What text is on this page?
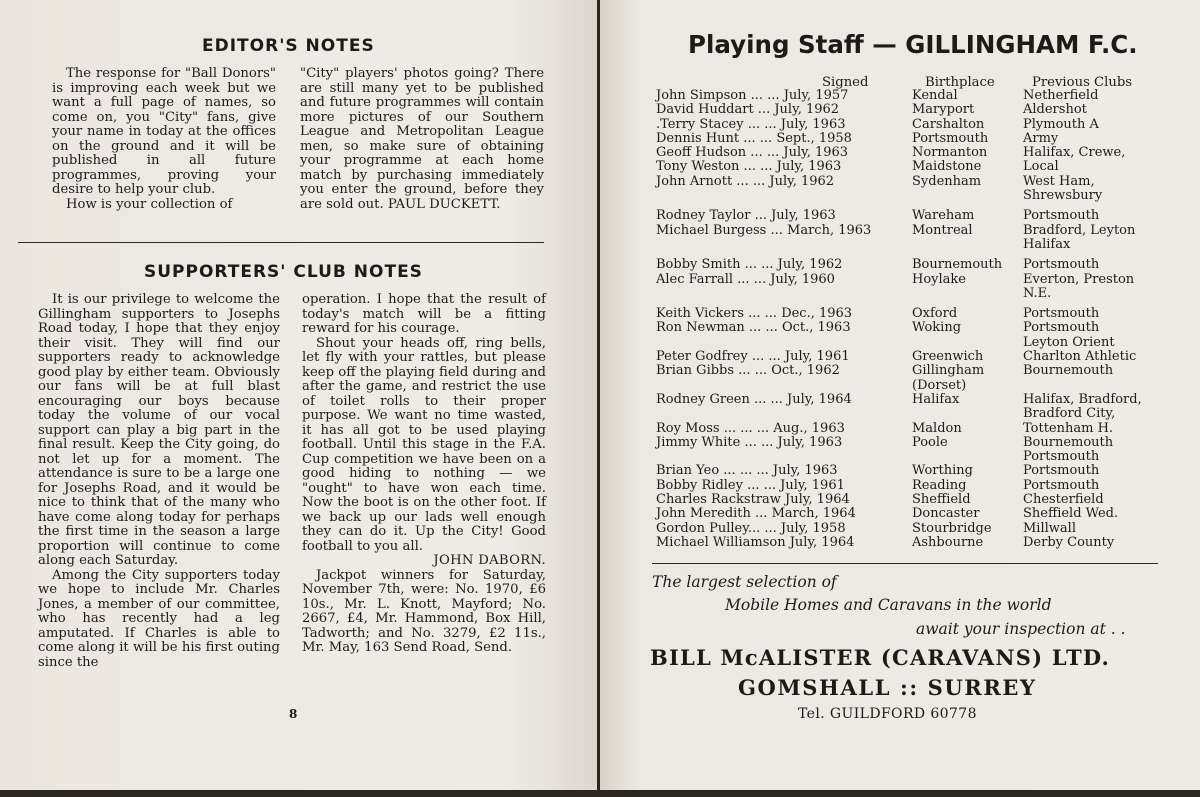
EDITOR'S NOTES

The response for "Ball Donors" is improving each week but we want a full page of names, so come on, you "City" fans, give your name in today at the offices on the ground and it will be published in all future programmes, proving your desire to help your club.

How is your collection of

"City" players' photos going? There are still many yet to be published and future programmes will contain more pictures of our Southern League and Metropolitan League men, so make sure of obtaining your programme at each home match by purchasing immediately you enter the ground, before they are sold out. PAUL DUCKETT.

SUPPORTERS' CLUB NOTES

It is our privilege to welcome the Gillingham supporters to Josephs Road today, I hope that they enjoy their visit. They will find our supporters ready to acknowledge good play by either team. Obviously our fans will be at full blast encouraging our boys because today the volume of our vocal support can play a big part in the final result. Keep the City going, do not let up for a moment. The attendance is sure to be a large one for Josephs Road, and it would be nice to think that of the many who have come along today for perhaps the first time in the season a large proportion will continue to come along each Saturday.

Among the City supporters today we hope to include Mr. Charles Jones, a member of our committee, who has recently had a leg amputated. If Charles is able to come along it will be his first outing since the

operation. I hope that the result of today's match will be a fitting reward for his courage.

Shout your heads off, ring bells, let fly with your rattles, but please keep off the playing field during and after the game, and restrict the use of toilet rolls to their proper purpose. We want no time wasted, it has all got to be used playing football. Until this stage in the F.A. Cup competition we have been on a good hiding to nothing — we "ought" to have won each time. Now the boot is on the other foot. If we back up our lads well enough they can do it. Up the City! Good football to you all.

JOHN DABORN.

Jackpot winners for Saturday, November 7th, were: No. 1970, £6 10s., Mr. L. Knott, Mayford; No. 2667, £4, Mr. Hammond, Box Hill, Tadworth; and No. 3279, £2 11s., Mr. May, 163 Send Road, Send.

8
Playing Staff — GILLINGHAM F.C.
Signed	Birthplace	Previous Clubs
John Simpson ... ... July, 1957	Kendal	Netherfield
David Huddart ... July, 1962	Maryport	Aldershot
.Terry Stacey ... ... July, 1963	Carshalton	Plymouth A
Dennis Hunt ... ... Sept., 1958	Portsmouth	Army
Geoff Hudson ... ... July, 1963	Normanton	Halifax, Crewe,
Tony Weston ... ... July, 1963	Maidstone	Local
John Arnott ... ... July, 1962	Sydenham	West Ham,
		Shrewsbury
Rodney Taylor ... July, 1963	Wareham	Portsmouth
Michael Burgess ... March, 1963	Montreal	Bradford, Leyton
		Halifax
Bobby Smith ... ... July, 1962	Bournemouth	Portsmouth
Alec Farrall ... ... July, 1960	Hoylake	Everton, Preston
		N.E.
Keith Vickers ... ... Dec., 1963	Oxford	Portsmouth
Ron Newman ... ... Oct., 1963	Woking	Portsmouth
		Leyton Orient
Peter Godfrey ... ... July, 1961	Greenwich	Charlton Athletic
Brian Gibbs ... ... Oct., 1962	Gillingham	Bournemouth
	(Dorset)	
Rodney Green ... ... July, 1964	Halifax	Halifax, Bradford,
		Bradford City,
Roy Moss ... ... ... Aug., 1963	Maldon	Tottenham H.
Jimmy White ... ... July, 1963	Poole	Bournemouth
		Portsmouth
Brian Yeo ... ... ... July, 1963	Worthing	Portsmouth
Bobby Ridley ... ... July, 1961	Reading	Portsmouth
Charles Rackstraw July, 1964	Sheffield	Chesterfield
John Meredith ... March, 1964	Doncaster	Sheffield Wed.
Gordon Pulley... ... July, 1958	Stourbridge	Millwall
Michael Williamson July, 1964	Ashbourne	Derby County
The largest selection of
Mobile Homes and Caravans in the world
await your inspection at . .
BILL McALISTER (CARAVANS) LTD.
GOMSHALL :: SURREY
Tel. GUILDFORD 60778
